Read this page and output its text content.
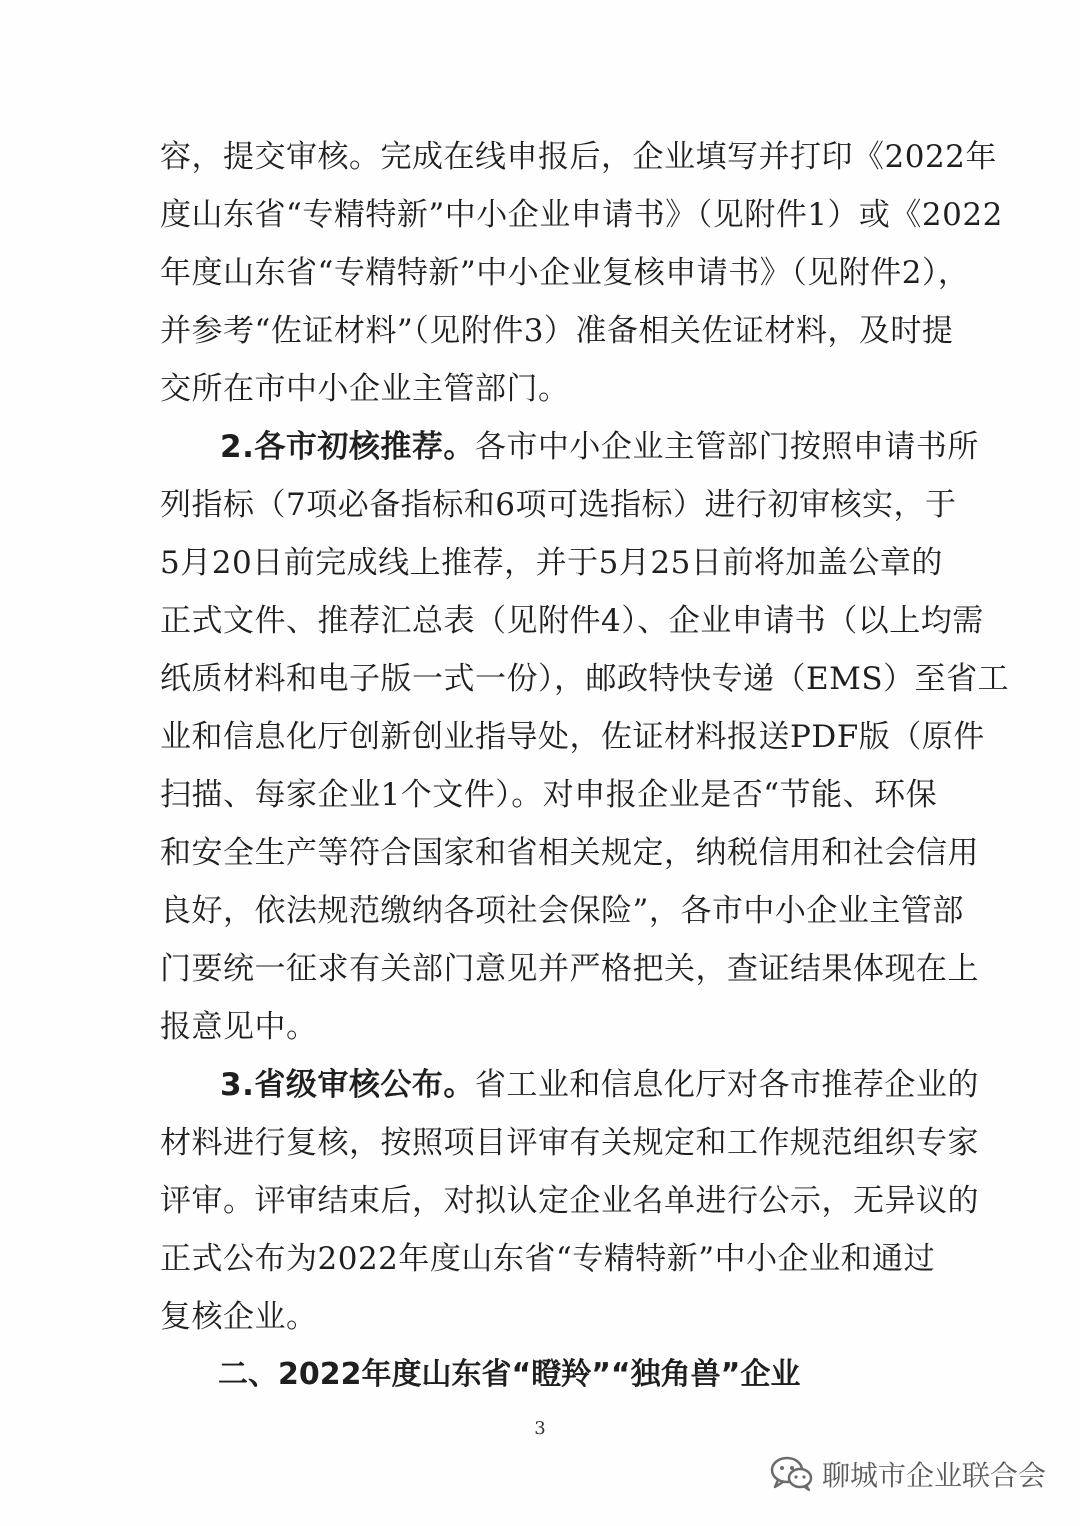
容，提交审核。完成在线申报后，企业填写并打印《2022年
度山东省“专精特新”中小企业申请书》（见附件1）或《2022
年度山东省“专精特新”中小企业复核申请书》（见附件2），
并参考“佐证材料”（见附件3）准备相关佐证材料，及时提
交所在市中小企业主管部门。
2.各市初核推荐。各市中小企业主管部门按照申请书所
列指标（7项必备指标和6项可选指标）进行初审核实，于
5月20日前完成线上推荐，并于5月25日前将加盖公章的
正式文件、推荐汇总表（见附件4）、企业申请书（以上均需
纸质材料和电子版一式一份），邮政特快专递（EMS）至省工
业和信息化厅创新创业指导处，佐证材料报送PDF版（原件
扫描、每家企业1个文件）。对申报企业是否“节能、环保
和安全生产等符合国家和省相关规定，纳税信用和社会信用
良好，依法规范缴纳各项社会保险”，各市中小企业主管部
门要统一征求有关部门意见并严格把关，查证结果体现在上
报意见中。
3.省级审核公布。省工业和信息化厅对各市推荐企业的
材料进行复核，按照项目评审有关规定和工作规范组织专家
评审。评审结束后，对拟认定企业名单进行公示，无异议的
正式公布为2022年度山东省“专精特新”中小企业和通过
复核企业。
二、2022年度山东省“瞪羚”“独角兽”企业
3
聊城市企业联合会
